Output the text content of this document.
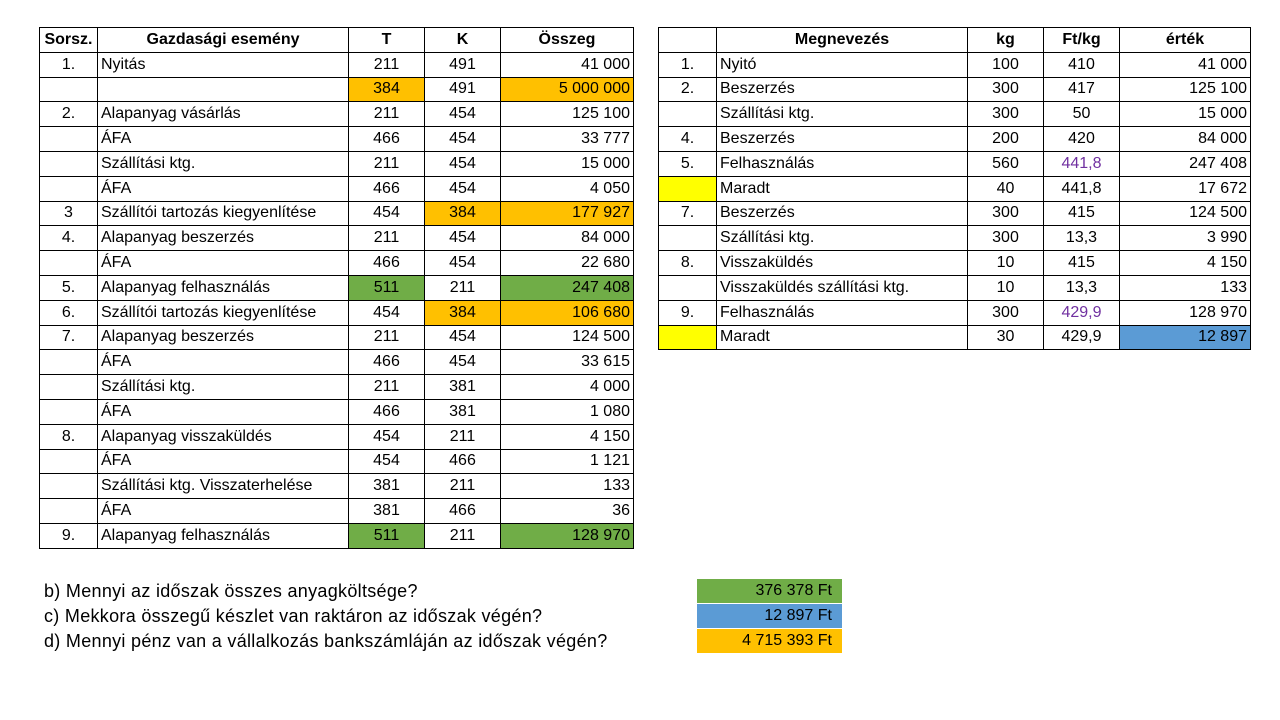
Sorsz.	Gazdasági esemény	T	K	Összeg
1.	Nyitás	211	491	41 000
		384	491	5 000 000
2.	Alapanyag vásárlás	211	454	125 100
	ÁFA	466	454	33 777
	Szállítási ktg.	211	454	15 000
	ÁFA	466	454	4 050
3	Szállítói tartozás kiegyenlítése	454	384	177 927
4.	Alapanyag beszerzés	211	454	84 000
	ÁFA	466	454	22 680
5.	Alapanyag felhasználás	511	211	247 408
6.	Szállítói tartozás kiegyenlítése	454	384	106 680
7.	Alapanyag beszerzés	211	454	124 500
	ÁFA	466	454	33 615
	Szállítási ktg.	211	381	4 000
	ÁFA	466	381	1 080
8.	Alapanyag visszaküldés	454	211	4 150
	ÁFA	454	466	1 121
	Szállítási ktg. Visszaterhelése	381	211	133
	ÁFA	381	466	36
9.	Alapanyag felhasználás	511	211	128 970
	Megnevezés	kg	Ft/kg	érték
1.	Nyitó	100	410	41 000
2.	Beszerzés	300	417	125 100
	Szállítási ktg.	300	50	15 000
4.	Beszerzés	200	420	84 000
5.	Felhasználás	560	441,8	247 408
	Maradt	40	441,8	17 672
7.	Beszerzés	300	415	124 500
	Szállítási ktg.	300	13,3	3 990
8.	Visszaküldés	10	415	4 150
	Visszaküldés szállítási ktg.	10	13,3	133
9.	Felhasználás	300	429,9	128 970
	Maradt	30	429,9	12 897
b) Mennyi az időszak összes anyagköltsége?	376 378 Ft
c) Mekkora összegű készlet van raktáron az időszak végén?	12 897 Ft
d) Mennyi pénz van a vállalkozás bankszámláján az időszak végén?	4 715 393 Ft
